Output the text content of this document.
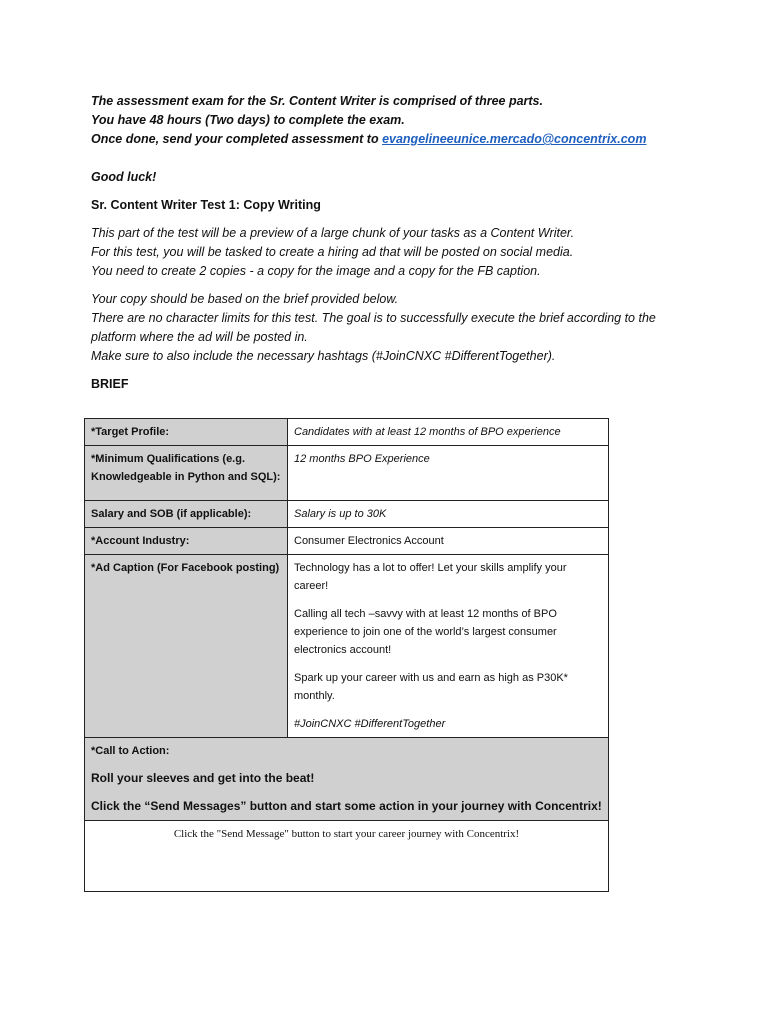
The assessment exam for the Sr. Content Writer is comprised of three parts.
You have 48 hours (Two days) to complete the exam.
Once done, send your completed assessment to evangelineeunice.mercado@concentrix.com
Good luck!
Sr. Content Writer Test 1: Copy Writing
This part of the test will be a preview of a large chunk of your tasks as a Content Writer.
For this test, you will be tasked to create a hiring ad that will be posted on social media.
You need to create 2 copies - a copy for the image and a copy for the FB caption.
Your copy should be based on the brief provided below.
There are no character limits for this test. The goal is to successfully execute the brief according to the platform where the ad will be posted in.
Make sure to also include the necessary hashtags (#JoinCNXC #DifferentTogether).
BRIEF
*Target Profile:	Candidates with at least 12 months of BPO experience
*Minimum Qualifications (e.g. Knowledgeable in Python and SQL):	12 months BPO Experience
Salary and SOB (if applicable):	Salary is up to 30K
*Account Industry:	Consumer Electronics Account
*Ad Caption (For Facebook posting)	Technology has a lot to offer! Let your skills amplify your career!

Calling all tech –savvy with at least 12 months of BPO experience to join one of the world’s largest consumer electronics account!

Spark up your career with us and earn as high as P30K* monthly.

#JoinCNXC #DifferentTogether

*Call to Action:

Roll your sleeves and get into the beat!

Click the “Send Messages” button and start some action in your journey with Concentrix!	

Click the "Send Message" button to start your career journey with Concentrix!	
